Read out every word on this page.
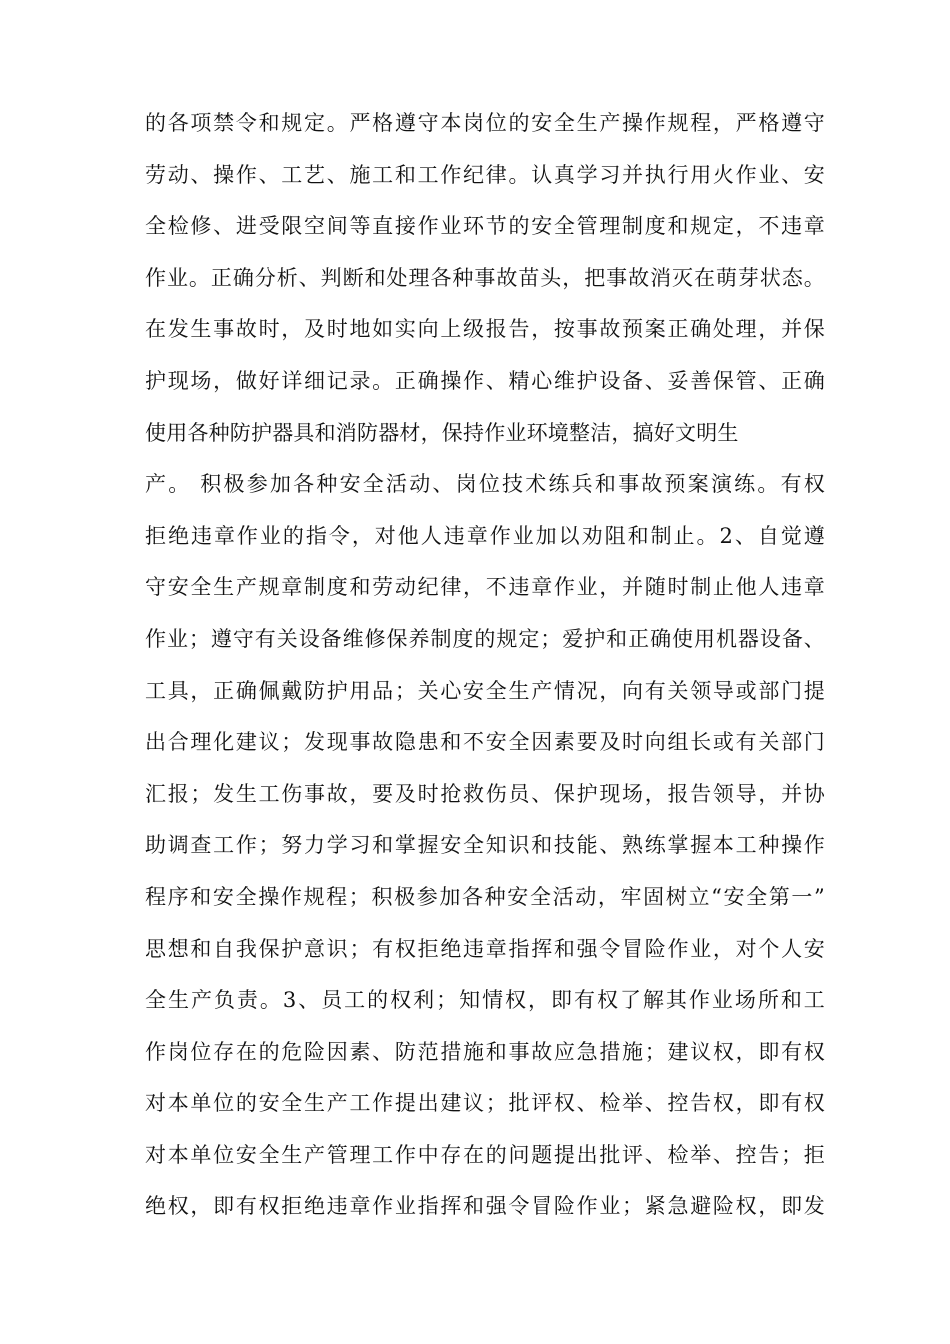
的各项禁令和规定。严格遵守本岗位的安全生产操作规程，严格遵守
劳动、操作、工艺、施工和工作纪律。认真学习并执行用火作业、安
全检修、进受限空间等直接作业环节的安全管理制度和规定，不违章
作业。正确分析、判断和处理各种事故苗头，把事故消灭在萌芽状态。
在发生事故时，及时地如实向上级报告，按事故预案正确处理，并保
护现场，做好详细记录。正确操作、精心维护设备、妥善保管、正确
使用各种防护器具和消防器材，保持作业环境整洁，搞好文明生
产。 积极参加各种安全活动、岗位技术练兵和事故预案演练。有权
拒绝违章作业的指令，对他人违章作业加以劝阻和制止。2、自觉遵
守安全生产规章制度和劳动纪律，不违章作业，并随时制止他人违章
作业；遵守有关设备维修保养制度的规定；爱护和正确使用机器设备、
工具，正确佩戴防护用品；关心安全生产情况，向有关领导或部门提
出合理化建议；发现事故隐患和不安全因素要及时向组长或有关部门
汇报；发生工伤事故，要及时抢救伤员、保护现场，报告领导，并协
助调查工作；努力学习和掌握安全知识和技能、熟练掌握本工种操作
程序和安全操作规程；积极参加各种安全活动，牢固树立“安全第一”
思想和自我保护意识；有权拒绝违章指挥和强令冒险作业，对个人安
全生产负责。3、员工的权利；知情权，即有权了解其作业场所和工
作岗位存在的危险因素、防范措施和事故应急措施；建议权，即有权
对本单位的安全生产工作提出建议；批评权、检举、控告权，即有权
对本单位安全生产管理工作中存在的问题提出批评、检举、控告；拒
绝权，即有权拒绝违章作业指挥和强令冒险作业；紧急避险权，即发
